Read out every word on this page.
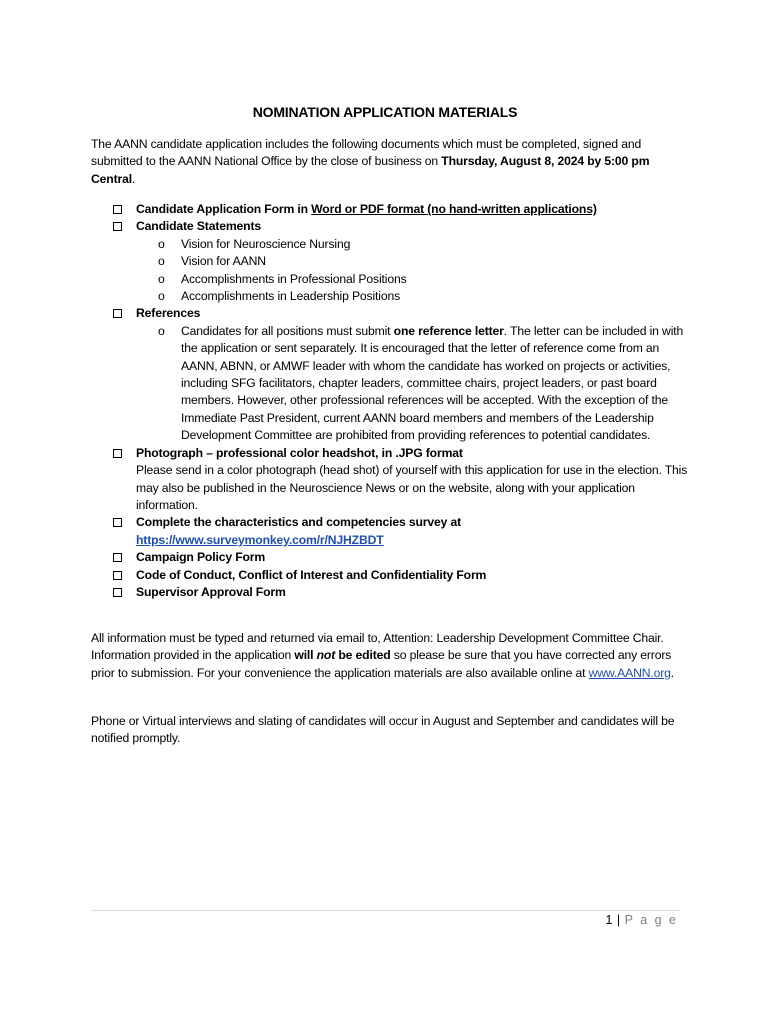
NOMINATION APPLICATION MATERIALS
The AANN candidate application includes the following documents which must be completed, signed and submitted to the AANN National Office by the close of business on Thursday, August 8, 2024 by 5:00 pm Central.
Candidate Application Form in Word or PDF format (no hand-written applications)
Candidate Statements
o Vision for Neuroscience Nursing
o Vision for AANN
o Accomplishments in Professional Positions
o Accomplishments in Leadership Positions
References
o Candidates for all positions must submit one reference letter. The letter can be included in with the application or sent separately. It is encouraged that the letter of reference come from an AANN, ABNN, or AMWF leader with whom the candidate has worked on projects or activities, including SFG facilitators, chapter leaders, committee chairs, project leaders, or past board members. However, other professional references will be accepted. With the exception of the Immediate Past President, current AANN board members and members of the Leadership Development Committee are prohibited from providing references to potential candidates.
Photograph – professional color headshot, in .JPG format
Please send in a color photograph (head shot) of yourself with this application for use in the election. This may also be published in the Neuroscience News or on the website, along with your application information.
Complete the characteristics and competencies survey at
https://www.surveymonkey.com/r/NJHZBDT
Campaign Policy Form
Code of Conduct, Conflict of Interest and Confidentiality Form
Supervisor Approval Form
All information must be typed and returned via email to, Attention: Leadership Development Committee Chair. Information provided in the application will not be edited so please be sure that you have corrected any errors prior to submission. For your convenience the application materials are also available online at www.AANN.org.
Phone or Virtual interviews and slating of candidates will occur in August and September and candidates will be notified promptly.
1 | P a g e
